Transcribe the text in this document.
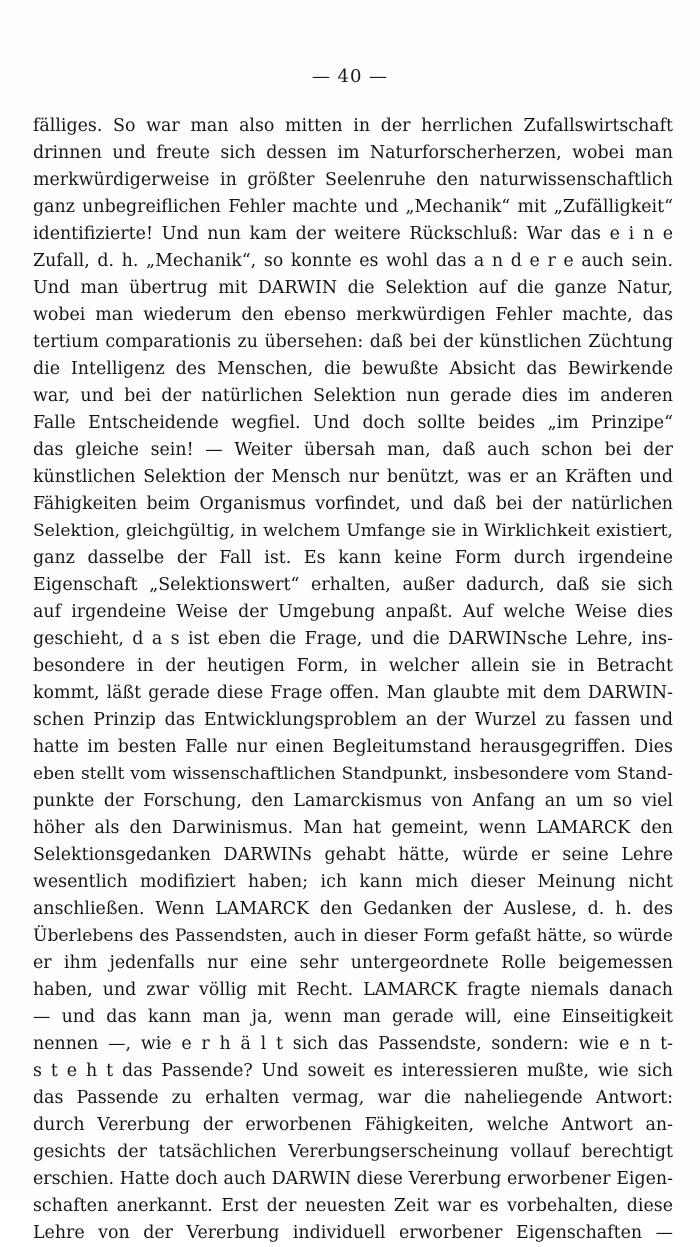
— 40 —
fälliges. So war man also mitten in der herrlichen Zufallswirtschaft
drinnen und freute sich dessen im Naturforscherherzen, wobei man
merkwürdigerweise in größter Seelenruhe den naturwissenschaftlich
ganz unbegreiflichen Fehler machte und „Mechanik“ mit „Zufälligkeit“
identifizierte! Und nun kam der weitere Rückschluß: War das e i n e
Zufall, d. h. „Mechanik“, so konnte es wohl das a n d e r e auch sein.
Und man übertrug mit DARWIN die Selektion auf die ganze Natur,
wobei man wiederum den ebenso merkwürdigen Fehler machte, das
tertium comparationis zu übersehen: daß bei der künstlichen Züchtung
die Intelligenz des Menschen, die bewußte Absicht das Bewirkende
war, und bei der natürlichen Selektion nun gerade dies im anderen
Falle Entscheidende wegfiel. Und doch sollte beides „im Prinzipe“
das gleiche sein! — Weiter übersah man, daß auch schon bei der
künstlichen Selektion der Mensch nur benützt, was er an Kräften und
Fähigkeiten beim Organismus vorfindet, und daß bei der natürlichen
Selektion, gleichgültig, in welchem Umfange sie in Wirklichkeit existiert,
ganz dasselbe der Fall ist. Es kann keine Form durch irgendeine
Eigenschaft „Selektionswert“ erhalten, außer dadurch, daß sie sich
auf irgendeine Weise der Umgebung anpaßt. Auf welche Weise dies
geschieht, d a s ist eben die Frage, und die DARWINsche Lehre, ins-
besondere in der heutigen Form, in welcher allein sie in Betracht
kommt, läßt gerade diese Frage offen. Man glaubte mit dem DARWIN-
schen Prinzip das Entwicklungsproblem an der Wurzel zu fassen und
hatte im besten Falle nur einen Begleitumstand herausgegriffen. Dies
eben stellt vom wissenschaftlichen Standpunkt, insbesondere vom Stand-
punkte der Forschung, den Lamarckismus von Anfang an um so viel
höher als den Darwinismus. Man hat gemeint, wenn LAMARCK den
Selektionsgedanken DARWINs gehabt hätte, würde er seine Lehre
wesentlich modifiziert haben; ich kann mich dieser Meinung nicht
anschließen. Wenn LAMARCK den Gedanken der Auslese, d. h. des
Überlebens des Passendsten, auch in dieser Form gefaßt hätte, so würde
er ihm jedenfalls nur eine sehr untergeordnete Rolle beigemessen
haben, und zwar völlig mit Recht. LAMARCK fragte niemals danach
— und das kann man ja, wenn man gerade will, eine Einseitigkeit
nennen —, wie e r h ä l t sich das Passendste, sondern: wie e n t-
s t e h t das Passende? Und soweit es interessieren mußte, wie sich
das Passende zu erhalten vermag, war die naheliegende Antwort:
durch Vererbung der erworbenen Fähigkeiten, welche Antwort an-
gesichts der tatsächlichen Vererbungserscheinung vollauf berechtigt
erschien. Hatte doch auch DARWIN diese Vererbung erworbener Eigen-
schaften anerkannt. Erst der neuesten Zeit war es vorbehalten, diese
Lehre von der Vererbung individuell erworbener Eigenschaften —
